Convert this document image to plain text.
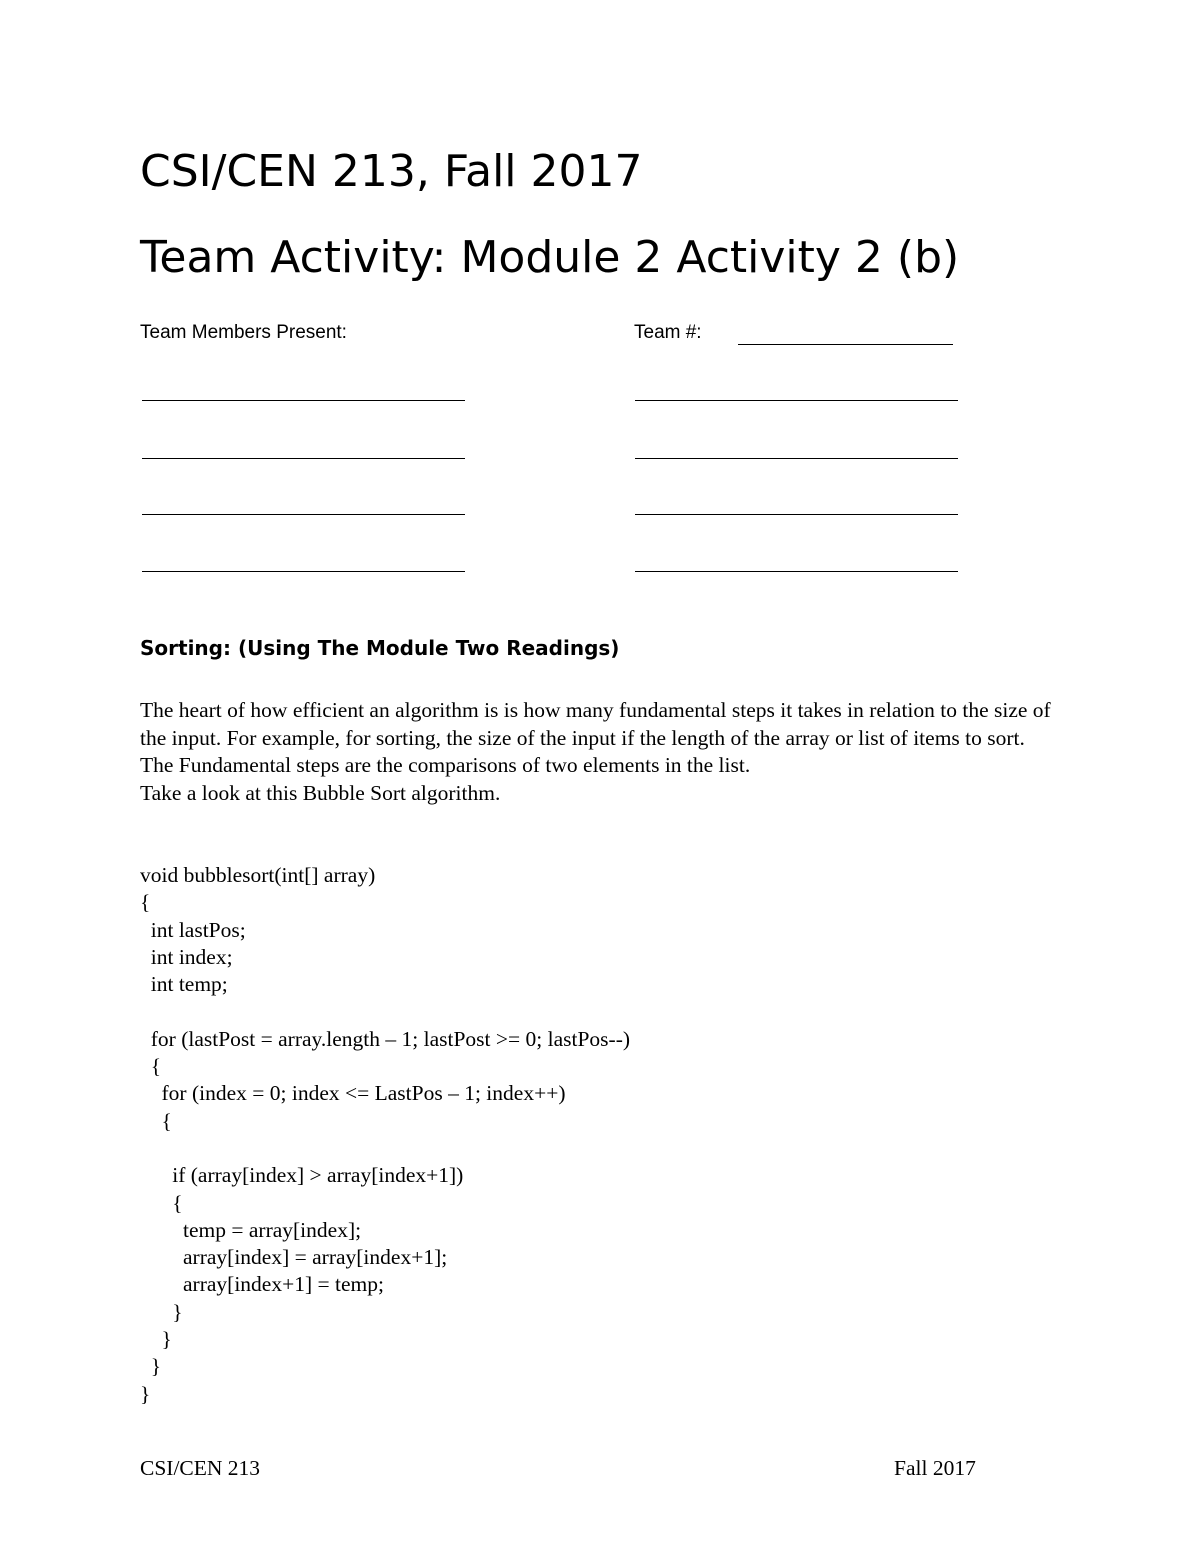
CSI/CEN 213, Fall 2017
Team Activity: Module 2 Activity 2 (b)
Team Members Present:	Team #:
Sorting: (Using The Module Two Readings)

The heart of how efficient an algorithm is is how many fundamental steps it takes in relation to the size of the input. For example, for sorting, the size of the input if the length of the array or list of items to sort. The Fundamental steps are the comparisons of two elements in the list.

Take a look at this Bubble Sort algorithm.

void bubblesort(int[] array)
{
int lastPos;
int index;
int temp;

for (lastPost = array.length – 1; lastPost >= 0; lastPos--)
{
for (index = 0; index <= LastPos – 1; index++)
{

if (array[index] > array[index+1])
{
temp = array[index];
array[index] = array[index+1];
array[index+1] = temp;
}
}
}
}
CSI/CEN 213	Fall 2017
